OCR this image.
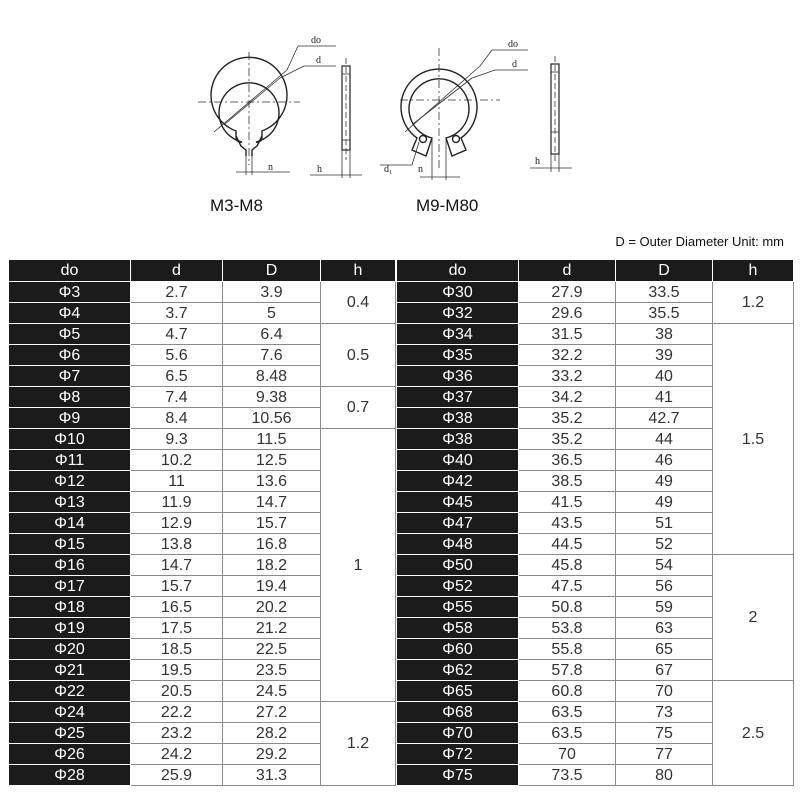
do
d
n	h
do
d
d₁	n
h
M3-M8	M9-M80
D = Outer Diameter Unit: mm
do	d	D	h
Φ3	2.7	3.9	0.4
Φ4	3.7	5	
Φ5	4.7	6.4	0.5
Φ6	5.6	7.6	
Φ7	6.5	8.48	
Φ8	7.4	9.38	0.7
Φ9	8.4	10.56	
Φ10	9.3	11.5	1
Φ11	10.2	12.5	
Φ12	11	13.6	
Φ13	11.9	14.7	
Φ14	12.9	15.7	
Φ15	13.8	16.8	
Φ16	14.7	18.2	
Φ17	15.7	19.4	
Φ18	16.5	20.2	
Φ19	17.5	21.2	
Φ20	18.5	22.5	
Φ21	19.5	23.5	
Φ22	20.5	24.5	
Φ24	22.2	27.2	1.2
Φ25	23.2	28.2	
Φ26	24.2	29.2	
Φ28	25.9	31.3	
do	d	D	h
Φ30	27.9	33.5	1.2
Φ32	29.6	35.5	
Φ34	31.5	38	1.5
Φ35	32.2	39	
Φ36	33.2	40	
Φ37	34.2	41	
Φ38	35.2	42.7	
Φ38	35.2	44	
Φ40	36.5	46	
Φ42	38.5	49	
Φ45	41.5	49	
Φ47	43.5	51	
Φ48	44.5	52	
Φ50	45.8	54	2
Φ52	47.5	56	
Φ55	50.8	59	
Φ58	53.8	63	
Φ60	55.8	65	
Φ62	57.8	67	
Φ65	60.8	70	2.5
Φ68	63.5	73	
Φ70	63.5	75	
Φ72	70	77	
Φ75	73.5	80	
